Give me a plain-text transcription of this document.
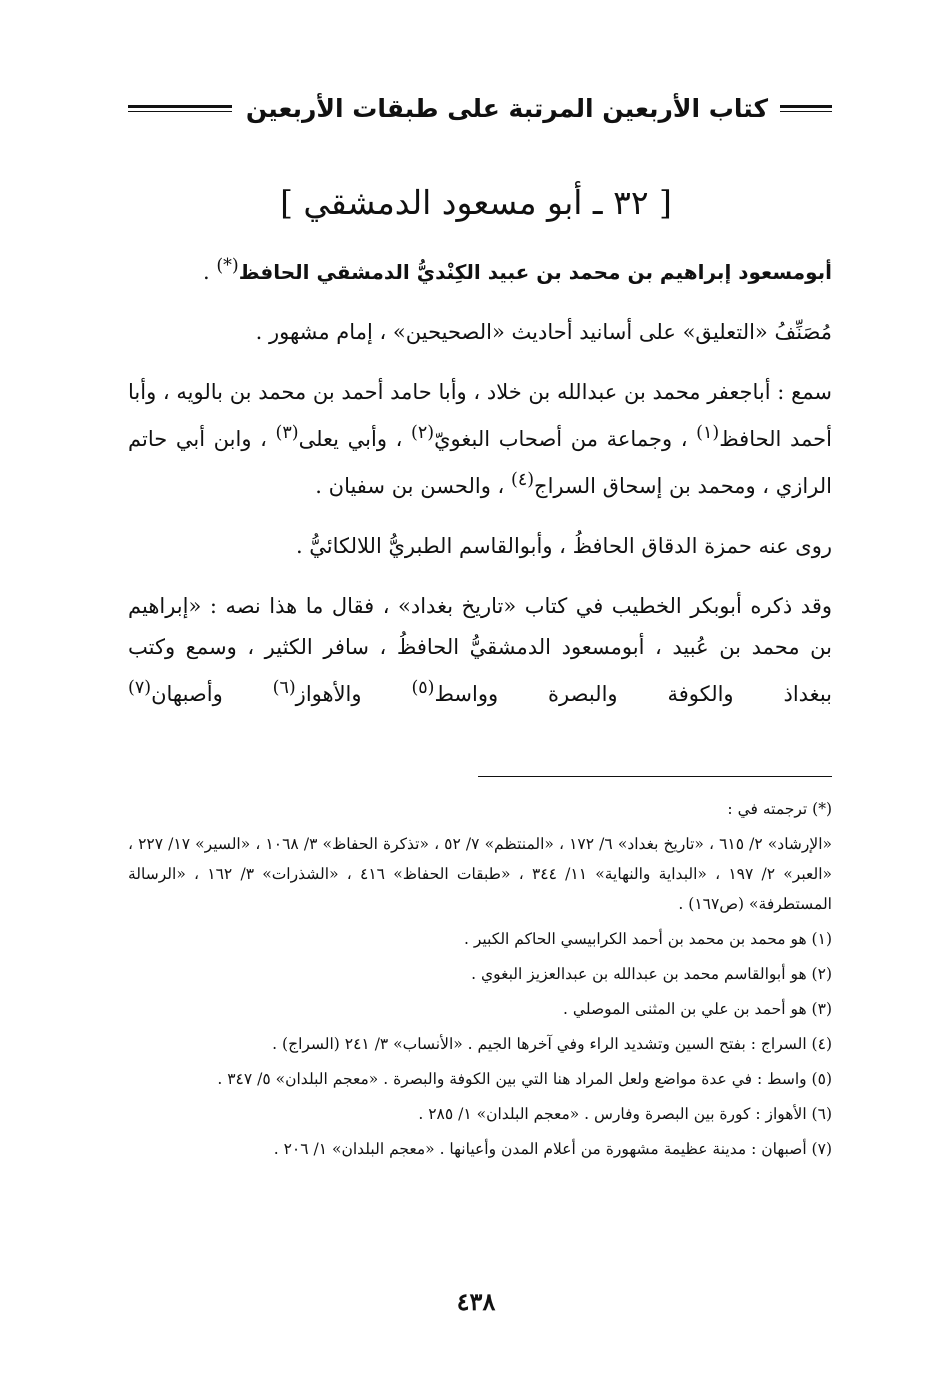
كتاب الأربعين المرتبة على طبقات الأربعين
[ ٣٢ ـ أبو مسعود الدمشقي ]

أبومسعود إبراهيم بن محمد بن عبيد الكِنْديُّ الدمشقي الحافظ(*) .

مُصَنِّفُ «التعليق» على أسانيد أحاديث «الصحيحين» ، إمام مشهور .

سمع : أباجعفر محمد بن عبدالله بن خلاد ، وأبا حامد أحمد بن محمد بن بالويه ، وأبا أحمد الحافظ$^{(١)}$ ، وجماعة من أصحاب البغويّ$^{(٢)}$ ، وأبي يعلى$^{(٣)}$ ، وابن أبي حاتم الرازي ، ومحمد بن إسحاق السراج$^{(٤)}$ ، والحسن بن سفيان .

روى عنه حمزة الدقاق الحافظُ ، وأبوالقاسم الطبريُّ اللالكائيُّ .

وقد ذكره أبوبكر الخطيب في كتاب «تاريخ بغداد» ، فقال ما هذا نصه : «إبراهيم بن محمد بن عُبيد ، أبومسعود الدمشقيُّ الحافظُ ، سافر الكثير ، وسمع وكتب ببغداذ والكوفة والبصرة وواسط$^{(٥)}$ والأهواز$^{(٦)}$ وأصبهان$^{(٧)}$

(*) ترجمته في :

«الإرشاد» ٢/ ٦١٥ ، «تاريخ بغداد» ٦/ ١٧٢ ، «المنتظم» ٧/ ٥٢ ، «تذكرة الحفاظ» ٣/ ١٠٦٨ ، «السير» ١٧/ ٢٢٧ ، «العبر» ٢/ ١٩٧ ، «البداية والنهاية» ١١/ ٣٤٤ ، «طبقات الحفاظ» ٤١٦ ، «الشذرات» ٣/ ١٦٢ ، «الرسالة المستطرفة» (ص١٦٧) .

(١) هو محمد بن محمد بن أحمد الكرابيسي الحاكم الكبير .

(٢) هو أبوالقاسم محمد بن عبدالله بن عبدالعزيز البغوي .

(٣) هو أحمد بن علي بن المثنى الموصلي .

(٤) السراج : بفتح السين وتشديد الراء وفي آخرها الجيم . «الأنساب» ٣/ ٢٤١ (السراج) .

(٥) واسط : في عدة مواضع ولعل المراد هنا التي بين الكوفة والبصرة . «معجم البلدان» ٥/ ٣٤٧ .

(٦) الأهواز : كورة بين البصرة وفارس . «معجم البلدان» ١/ ٢٨٥ .

(٧) أصبهان : مدينة عظيمة مشهورة من أعلام المدن وأعيانها . «معجم البلدان» ١/ ٢٠٦ .

٤٣٨
